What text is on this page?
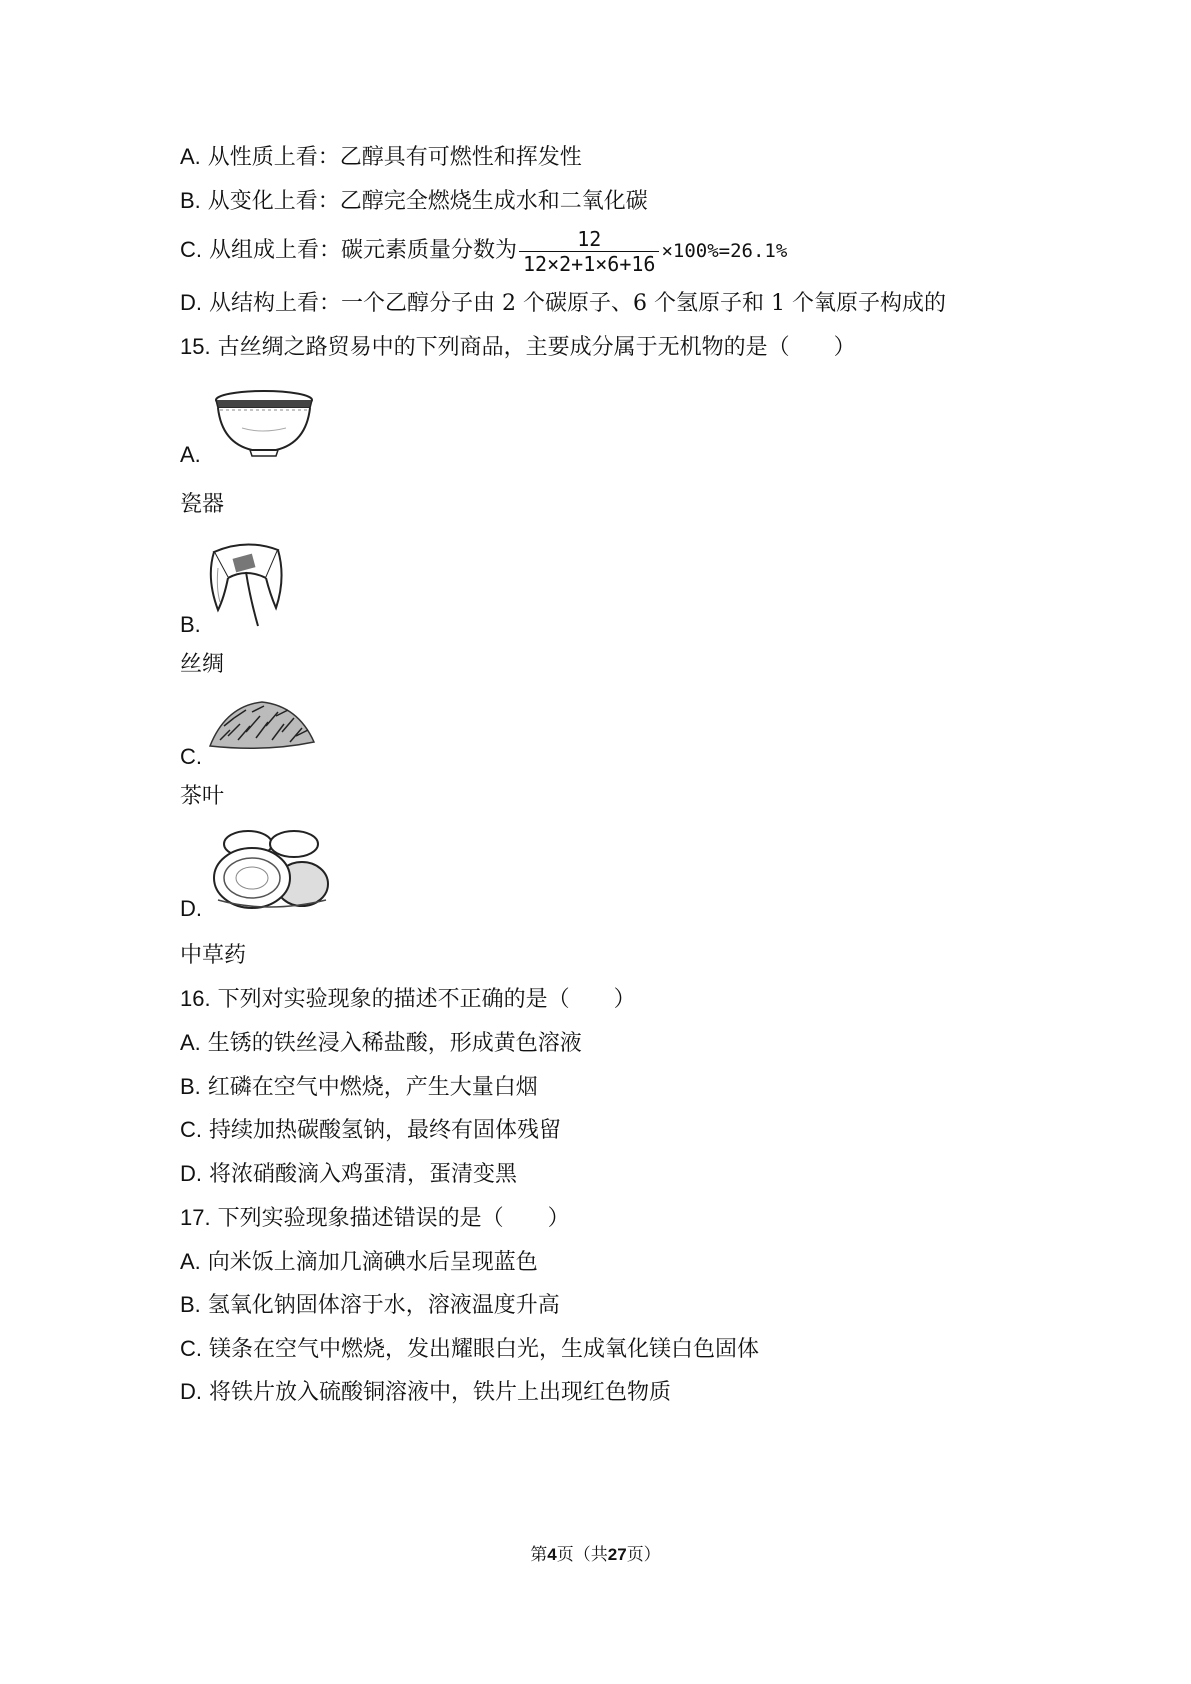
A. 从性质上看：乙醇具有可燃性和挥发性
B. 从变化上看：乙醇完全燃烧生成水和二氧化碳
C. 从组成上看：碳元素质量分数为 $\frac{12}{12\times 2+1\times 6+16} \times 100\%=26.1\%$
D. 从结构上看：一个乙醇分子由 2 个碳原子、6 个氢原子和 1 个氧原子构成的
15. 古丝绸之路贸易中的下列商品，主要成分属于无机物的是（　　）
A.
瓷器
B.
丝绸
C.
茶叶
D.
中草药
16. 下列对实验现象的描述不正确的是（　　）
A. 生锈的铁丝浸入稀盐酸，形成黄色溶液
B. 红磷在空气中燃烧，产生大量白烟
C. 持续加热碳酸氢钠，最终有固体残留
D. 将浓硝酸滴入鸡蛋清，蛋清变黑
17. 下列实验现象描述错误的是（　　）
A. 向米饭上滴加几滴碘水后呈现蓝色
B. 氢氧化钠固体溶于水，溶液温度升高
C. 镁条在空气中燃烧，发出耀眼白光，生成氧化镁白色固体
D. 将铁片放入硫酸铜溶液中，铁片上出现红色物质
第4页（共27页）
